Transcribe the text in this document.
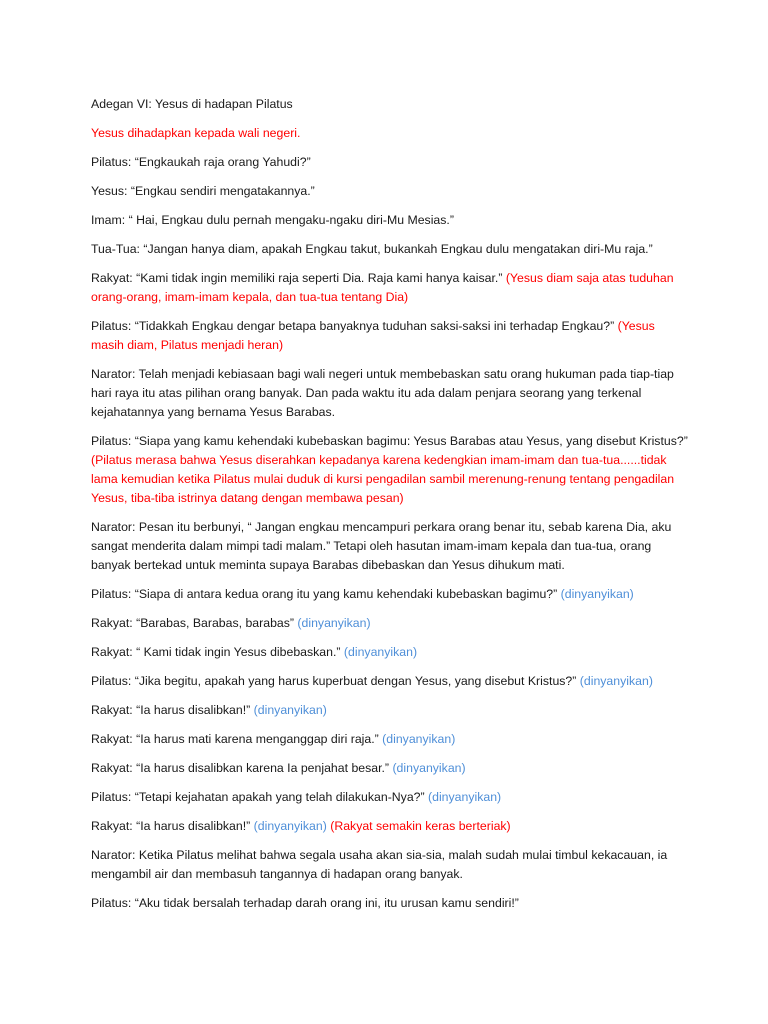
Adegan VI: Yesus di hadapan Pilatus

Yesus dihadapkan kepada wali negeri.

Pilatus: “Engkaukah raja orang Yahudi?”

Yesus: “Engkau sendiri mengatakannya.”

Imam: “ Hai, Engkau dulu pernah mengaku-ngaku diri-Mu Mesias.”

Tua-Tua: “Jangan hanya diam, apakah Engkau takut, bukankah Engkau dulu mengatakan diri-Mu raja.”

Rakyat: “Kami tidak ingin memiliki raja seperti Dia. Raja kami hanya kaisar.” (Yesus diam saja atas tuduhan orang-orang, imam-imam kepala, dan tua-tua tentang Dia)

Pilatus: “Tidakkah Engkau dengar betapa banyaknya tuduhan saksi-saksi ini terhadap Engkau?” (Yesus masih diam, Pilatus menjadi heran)

Narator: Telah menjadi kebiasaan bagi wali negeri untuk membebaskan satu orang hukuman pada tiap-tiap hari raya itu atas pilihan orang banyak. Dan pada waktu itu ada dalam penjara seorang yang terkenal kejahatannya yang bernama Yesus Barabas.

Pilatus: “Siapa yang kamu kehendaki kubebaskan bagimu: Yesus Barabas atau Yesus, yang disebut Kristus?” (Pilatus merasa bahwa Yesus diserahkan kepadanya karena kedengkian imam-imam dan tua-tua......tidak lama kemudian ketika Pilatus mulai duduk di kursi pengadilan sambil merenung-renung tentang pengadilan Yesus, tiba-tiba istrinya datang dengan membawa pesan)

Narator: Pesan itu berbunyi, “ Jangan engkau mencampuri perkara orang benar itu, sebab karena Dia, aku sangat menderita dalam mimpi tadi malam.” Tetapi oleh hasutan imam-imam kepala dan tua-tua, orang banyak bertekad untuk meminta supaya Barabas dibebaskan dan Yesus dihukum mati.

Pilatus: “Siapa di antara kedua orang itu yang kamu kehendaki kubebaskan bagimu?” (dinyanyikan)

Rakyat: “Barabas, Barabas, barabas” (dinyanyikan)

Rakyat: “ Kami tidak ingin Yesus dibebaskan.” (dinyanyikan)

Pilatus: “Jika begitu, apakah yang harus kuperbuat dengan Yesus, yang disebut Kristus?” (dinyanyikan)

Rakyat: “Ia harus disalibkan!” (dinyanyikan)

Rakyat: “Ia harus mati karena menganggap diri raja.” (dinyanyikan)

Rakyat: “Ia harus disalibkan karena Ia penjahat besar.” (dinyanyikan)

Pilatus: “Tetapi kejahatan apakah yang telah dilakukan-Nya?” (dinyanyikan)

Rakyat: “Ia harus disalibkan!” (dinyanyikan) (Rakyat semakin keras berteriak)

Narator: Ketika Pilatus melihat bahwa segala usaha akan sia-sia, malah sudah mulai timbul kekacauan, ia mengambil air dan membasuh tangannya di hadapan orang banyak.

Pilatus: “Aku tidak bersalah terhadap darah orang ini, itu urusan kamu sendiri!”
